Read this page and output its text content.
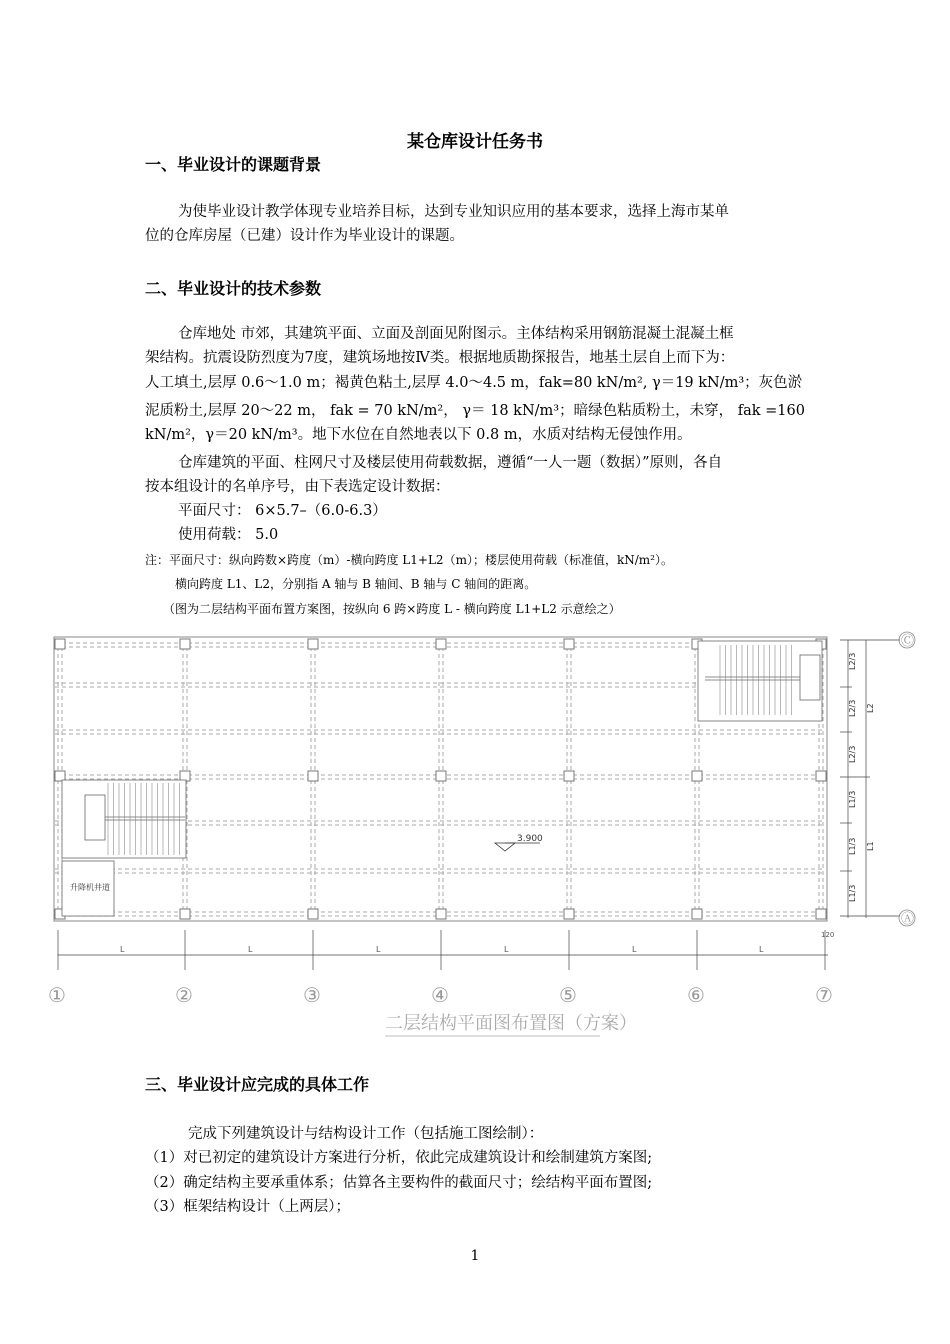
某仓库设计任务书
一、毕业设计的课题背景
为使毕业设计教学体现专业培养目标，达到专业知识应用的基本要求，选择上海市某单
位的仓库房屋（已建）设计作为毕业设计的课题。
二、毕业设计的技术参数
仓库地处 市郊，其建筑平面、立面及剖面见附图示。主体结构采用钢筋混凝土混凝土框
架结构。抗震设防烈度为7度，建筑场地按Ⅳ类。根据地质勘探报告，地基土层自上而下为：
人工填土,层厚 0.6～1.0 m；褐黄色粘土,层厚 4.0～4.5 m，fak=80 kN/m², γ＝19 kN/m³；灰色淤
泥质粉土,层厚 20～22 m， fak = 70 kN/m²， γ＝ 18 kN/m³；暗绿色粘质粉土，未穿， fak =160
kN/m²，γ＝20 kN/m³。地下水位在自然地表以下 0.8 m，水质对结构无侵蚀作用。
仓库建筑的平面、柱网尺寸及楼层使用荷载数据，遵循“一人一题（数据）”原则，各自
按本组设计的名单序号，由下表选定设计数据：
平面尺寸： 6×5.7–（6.0-6.3）
使用荷载： 5.0
注：平面尺寸：纵向跨数×跨度（m）-横向跨度 L1+L2（m）；楼层使用荷载（标准值，kN/m²）。
横向跨度 L1、L2，分别指 A 轴与 B 轴间、B 轴与 C 轴间的距离。
（图为二层结构平面布置方案图，按纵向 6 跨×跨度 L - 横向跨度 L1+L2 示意绘之）
升降机井道
3.900
L2/3
L2/3
L2/3
L1/3
L1/3
L1/3
L2
L1
Ⓒ
Ⓐ
L	L	L	L	L	L
120
①	②	③	④	⑤	⑥	⑦
二层结构平面图布置图（方案）
三、毕业设计应完成的具体工作
完成下列建筑设计与结构设计工作（包括施工图绘制）：
（1）对已初定的建筑设计方案进行分析，依此完成建筑设计和绘制建筑方案图;
（2）确定结构主要承重体系；估算各主要构件的截面尺寸；绘结构平面布置图;
（3）框架结构设计（上两层）；
1
